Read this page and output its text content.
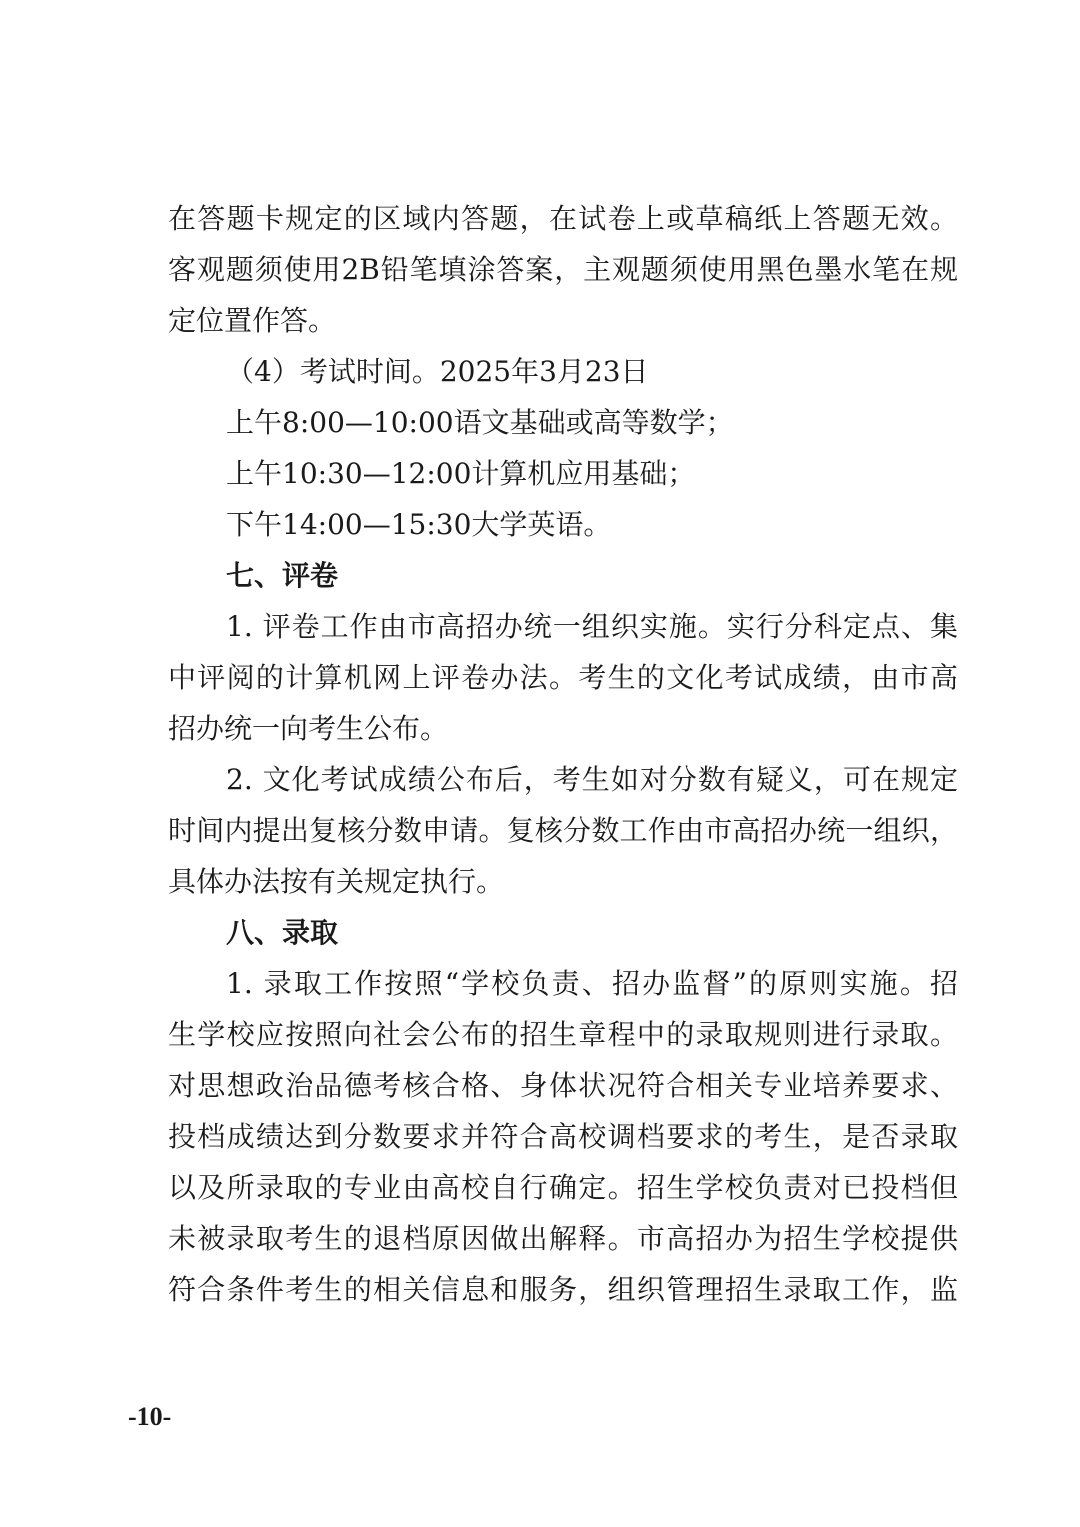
在答题卡规定的区域内答题，在试卷上或草稿纸上答题无效。
客观题须使用2B铅笔填涂答案，主观题须使用黑色墨水笔在规
定位置作答。
（4）考试时间。2025年3月23日
上午8:00—10:00语文基础或高等数学；
上午10:30—12:00计算机应用基础；
下午14:00—15:30大学英语。
七、评卷
1. 评卷工作由市高招办统一组织实施。实行分科定点、集
中评阅的计算机网上评卷办法。考生的文化考试成绩，由市高
招办统一向考生公布。
2. 文化考试成绩公布后，考生如对分数有疑义，可在规定
时间内提出复核分数申请。复核分数工作由市高招办统一组织，
具体办法按有关规定执行。
八、录取
1. 录取工作按照“学校负责、招办监督”的原则实施。招
生学校应按照向社会公布的招生章程中的录取规则进行录取。
对思想政治品德考核合格、身体状况符合相关专业培养要求、
投档成绩达到分数要求并符合高校调档要求的考生，是否录取
以及所录取的专业由高校自行确定。招生学校负责对已投档但
未被录取考生的退档原因做出解释。市高招办为招生学校提供
符合条件考生的相关信息和服务，组织管理招生录取工作，监
-10-
